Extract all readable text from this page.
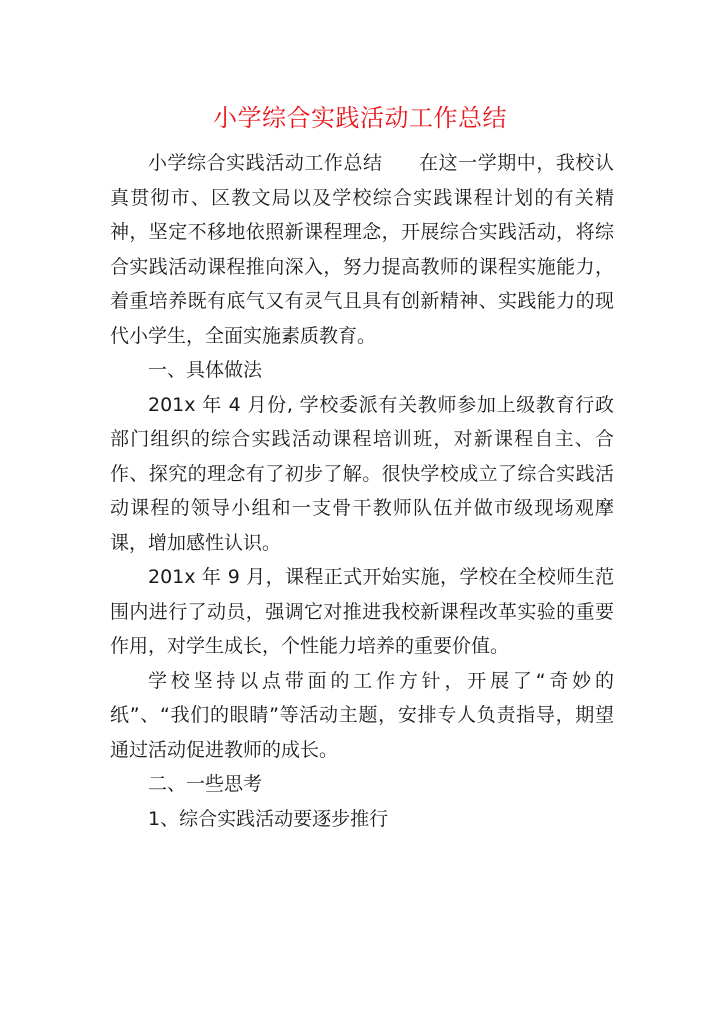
小学综合实践活动工作总结

小学综合实践活动工作总结 在这一学期中，我校认真贯彻市、区教文局以及学校综合实践课程计划的有关精神，坚定不移地依照新课程理念，开展综合实践活动，将综合实践活动课程推向深入，努力提高教师的课程实施能力，着重培养既有底气又有灵气且具有创新精神、实践能力的现代小学生，全面实施素质教育。

一、具体做法

201x 年 4 月份, 学校委派有关教师参加上级教育行政部门组织的综合实践活动课程培训班，对新课程自主、合作、探究的理念有了初步了解。很快学校成立了综合实践活动课程的领导小组和一支骨干教师队伍并做市级现场观摩课，增加感性认识。

201x 年 9 月，课程正式开始实施，学校在全校师生范围内进行了动员，强调它对推进我校新课程改革实验的重要作用，对学生成长，个性能力培养的重要价值。

学校坚持以点带面的工作方针，开展了“奇妙的纸”、“我们的眼睛”等活动主题，安排专人负责指导，期望通过活动促进教师的成长。

二、一些思考

1、综合实践活动要逐步推行
